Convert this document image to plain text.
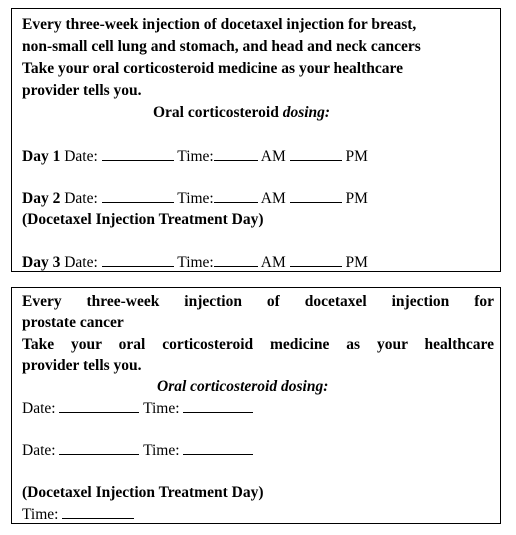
Every three-week injection of docetaxel injection for breast,
non-small cell lung and stomach, and head and neck cancers
Take your oral corticosteroid medicine as your healthcare
provider tells you.
Oral corticosteroid dosing:
Day 1 Date:	Time:	AM	PM
Day 2 Date:	Time:	AM	PM
(Docetaxel Injection Treatment Day)
Day 3 Date:	Time:	AM	PM
Every three-week injection of docetaxel injection for
prostate cancer
Take your oral corticosteroid medicine as your healthcare
provider tells you.
Oral corticosteroid dosing:
Date:	Time:
Date:	Time:
(Docetaxel Injection Treatment Day)
Time:
